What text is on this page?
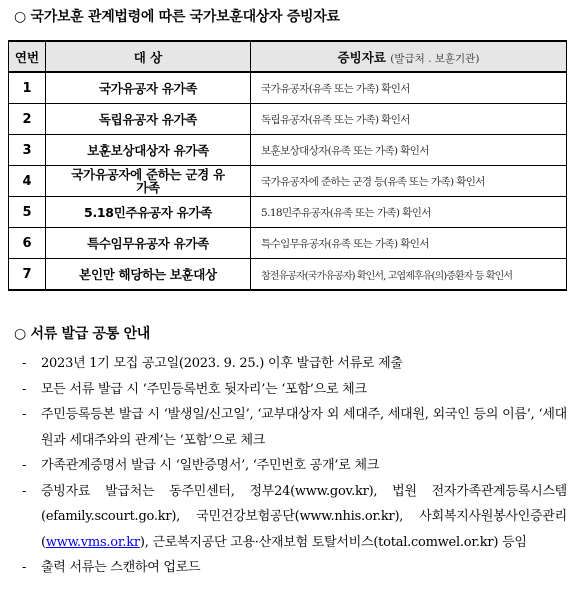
○ 국가보훈 관계법령에 따른 국가보훈대상자 증빙자료
연번	대 상	증빙자료 (발급처 . 보훈기관)
1	국가유공자 유가족	국가유공자(유족 또는 가족) 확인서
2	독립유공자 유가족	독립유공자(유족 또는 가족) 확인서
3	보훈보상대상자 유가족	보훈보상대상자(유족 또는 가족) 확인서
4	국가유공자에 준하는 군경 유가족	국가유공자에 준하는 군경 등(유족 또는 가족) 확인서
5	5.18민주유공자 유가족	5.18민주유공자(유족 또는 가족) 확인서
6	특수임무유공자 유가족	특수임무유공자(유족 또는 가족) 확인서
7	본인만 해당하는 보훈대상	참전유공자(국가유공자) 확인서, 고엽제후유(의)증환자 등 확인서
○ 서류 발급 공통 안내
-	2023년 1기 모집 공고일(2023. 9. 25.) 이후 발급한 서류로 제출
-	모든 서류 발급 시 ‘주민등록번호 뒷자리’는 ‘포함’으로 체크
-	주민등록등본 발급 시 ‘발생일/신고일’, ‘교부대상자 외 세대주, 세대원, 외국인 등의 이름’, ‘세대원과 세대주와의 관계’는 ‘포함’으로 체크
-	가족관계증명서 발급 시 ‘일반증명서’, ‘주민번호 공개’로 체크
-	증빙자료 발급처는 동주민센터, 정부24(www.gov.kr), 법원 전자가족관계등록시스템(efamily.scourt.go.kr), 국민건강보험공단(www.nhis.or.kr), 사회복지사원봉사인증관리(www.vms.or.kr), 근로복지공단 고용·산재보험 토탈서비스(total.comwel.or.kr) 등임
-	출력 서류는 스캔하여 업로드
